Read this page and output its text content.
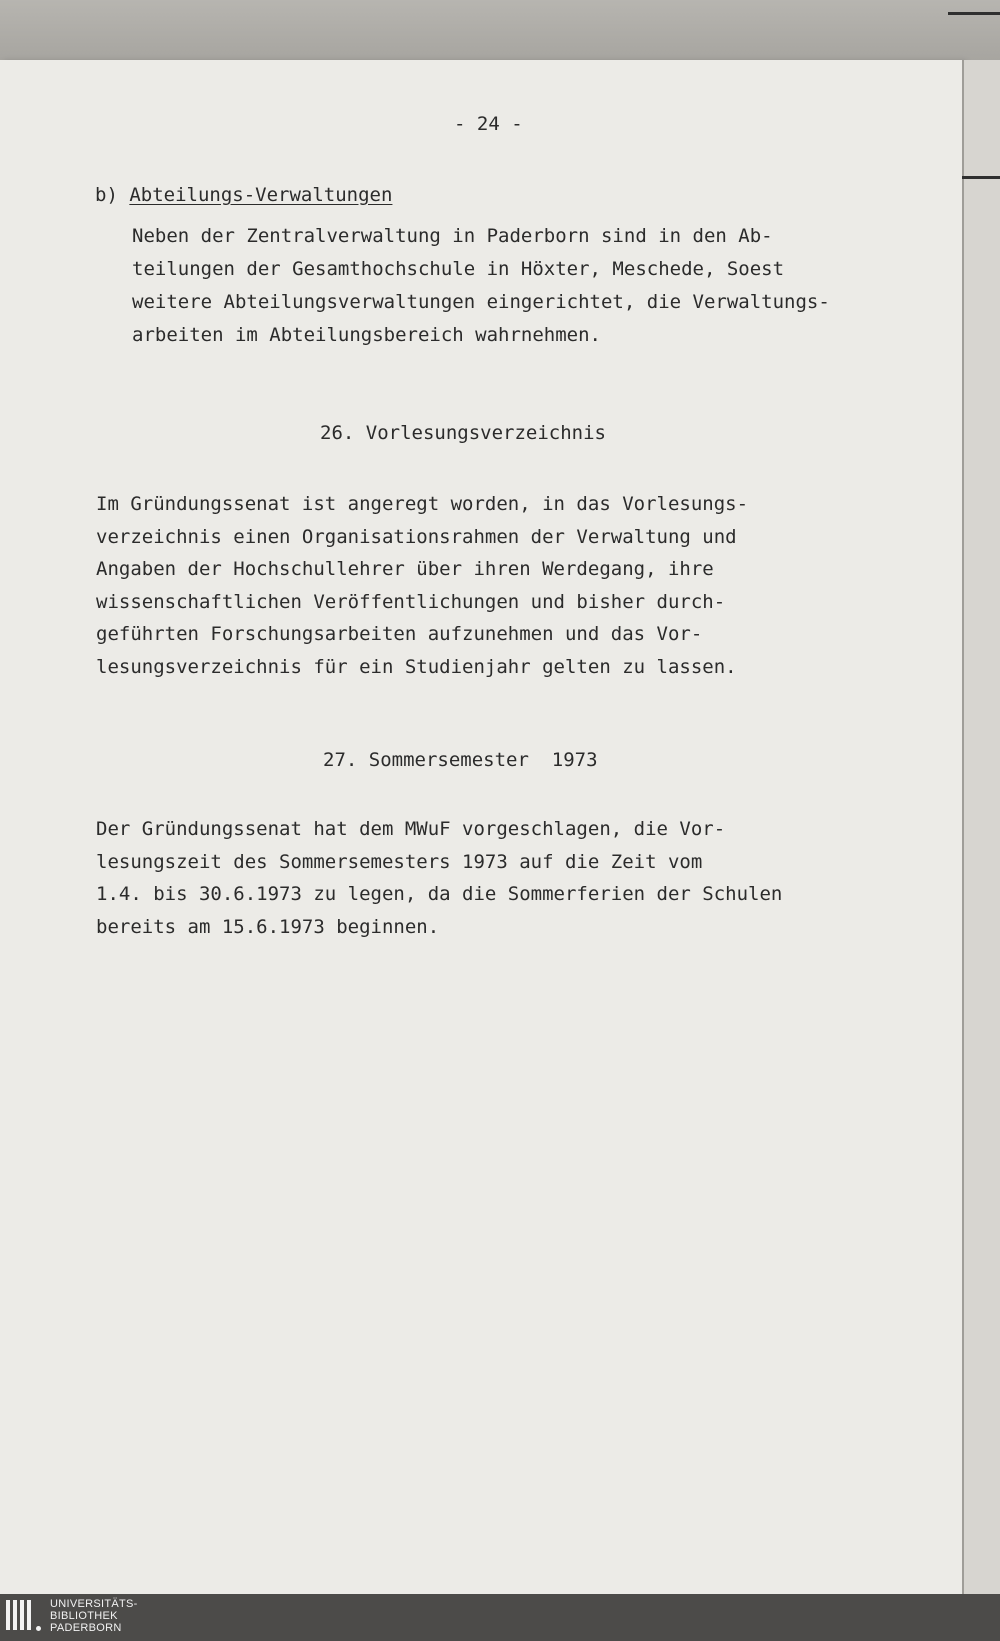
- 24 -
b) Abteilungs-Verwaltungen
Neben der Zentralverwaltung in Paderborn sind in den Ab-
teilungen der Gesamthochschule in Höxter, Meschede, Soest
weitere Abteilungsverwaltungen eingerichtet, die Verwaltungs-
arbeiten im Abteilungsbereich wahrnehmen.
26. Vorlesungsverzeichnis
Im Gründungssenat ist angeregt worden, in das Vorlesungs-
verzeichnis einen Organisationsrahmen der Verwaltung und
Angaben der Hochschullehrer über ihren Werdegang, ihre
wissenschaftlichen Veröffentlichungen und bisher durch-
geführten Forschungsarbeiten aufzunehmen und das Vor-
lesungsverzeichnis für ein Studienjahr gelten zu lassen.
27. Sommersemester  1973
Der Gründungssenat hat dem MWuF vorgeschlagen, die Vor-
lesungszeit des Sommersemesters 1973 auf die Zeit vom
1.4. bis 30.6.1973 zu legen, da die Sommerferien der Schulen
bereits am 15.6.1973 beginnen.
UNIVERSITÄTS-
BIBLIOTHEK
PADERBORN
